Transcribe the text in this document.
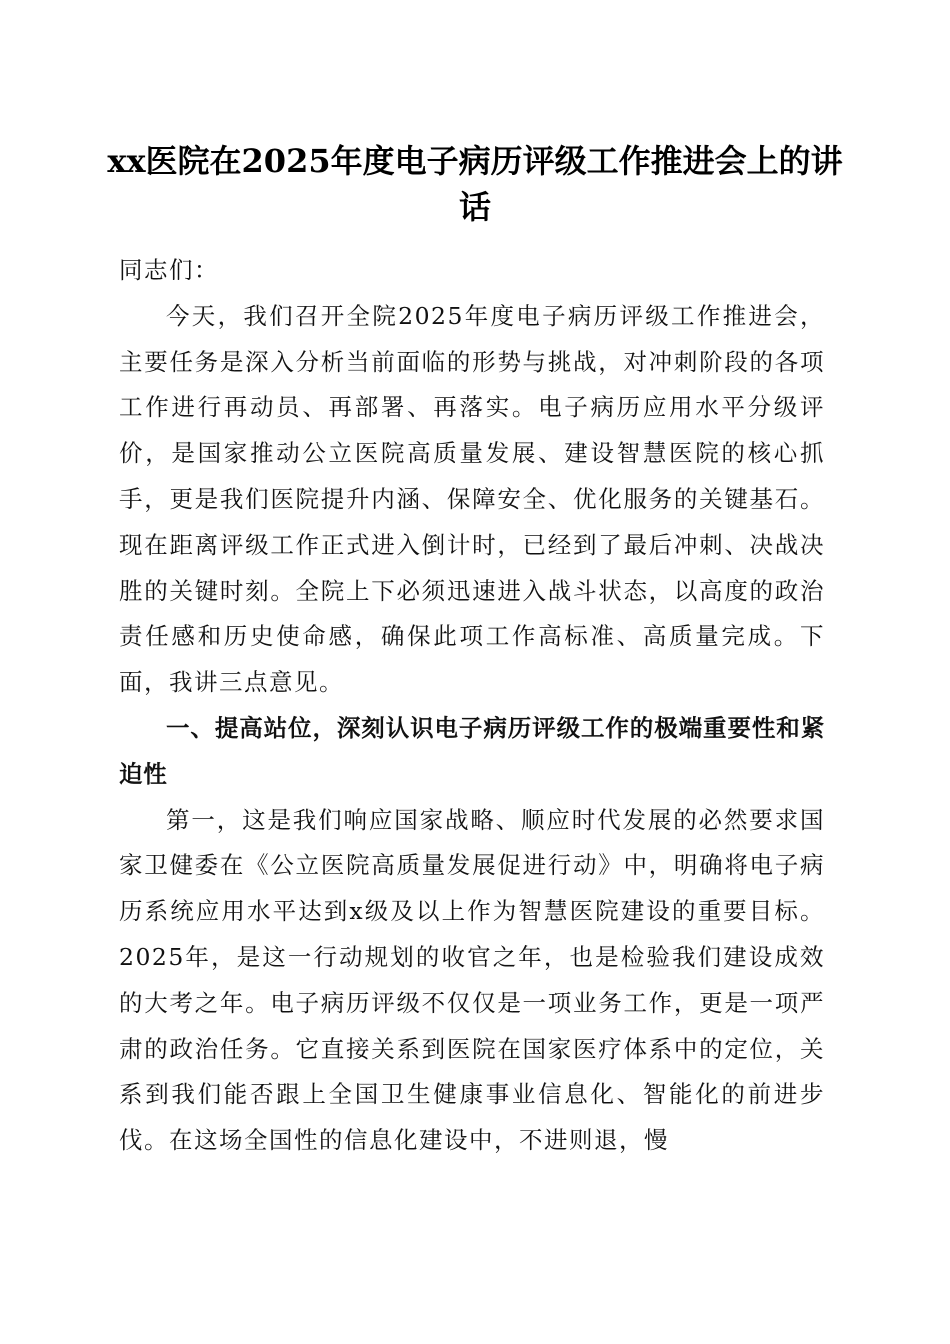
xx医院在2025年度电子病历评级工作推进会上的讲话

同志们：

今天，我们召开全院2025年度电子病历评级工作推进会，主要任务是深入分析当前面临的形势与挑战，对冲刺阶段的各项工作进行再动员、再部署、再落实。电子病历应用水平分级评价，是国家推动公立医院高质量发展、建设智慧医院的核心抓手，更是我们医院提升内涵、保障安全、优化服务的关键基石。现在距离评级工作正式进入倒计时，已经到了最后冲刺、决战决胜的关键时刻。全院上下必须迅速进入战斗状态，以高度的政治责任感和历史使命感，确保此项工作高标准、高质量完成。下面，我讲三点意见。

一、提高站位，深刻认识电子病历评级工作的极端重要性和紧迫性

第一，这是我们响应国家战略、顺应时代发展的必然要求国家卫健委在《公立医院高质量发展促进行动》中，明确将电子病历系统应用水平达到x级及以上作为智慧医院建设的重要目标。2025年，是这一行动规划的收官之年，也是检验我们建设成效的大考之年。电子病历评级不仅仅是一项业务工作，更是一项严肃的政治任务。它直接关系到医院在国家医疗体系中的定位，关系到我们能否跟上全国卫生健康事业信息化、智能化的前进步伐。在这场全国性的信息化建设中，不进则退，慢
